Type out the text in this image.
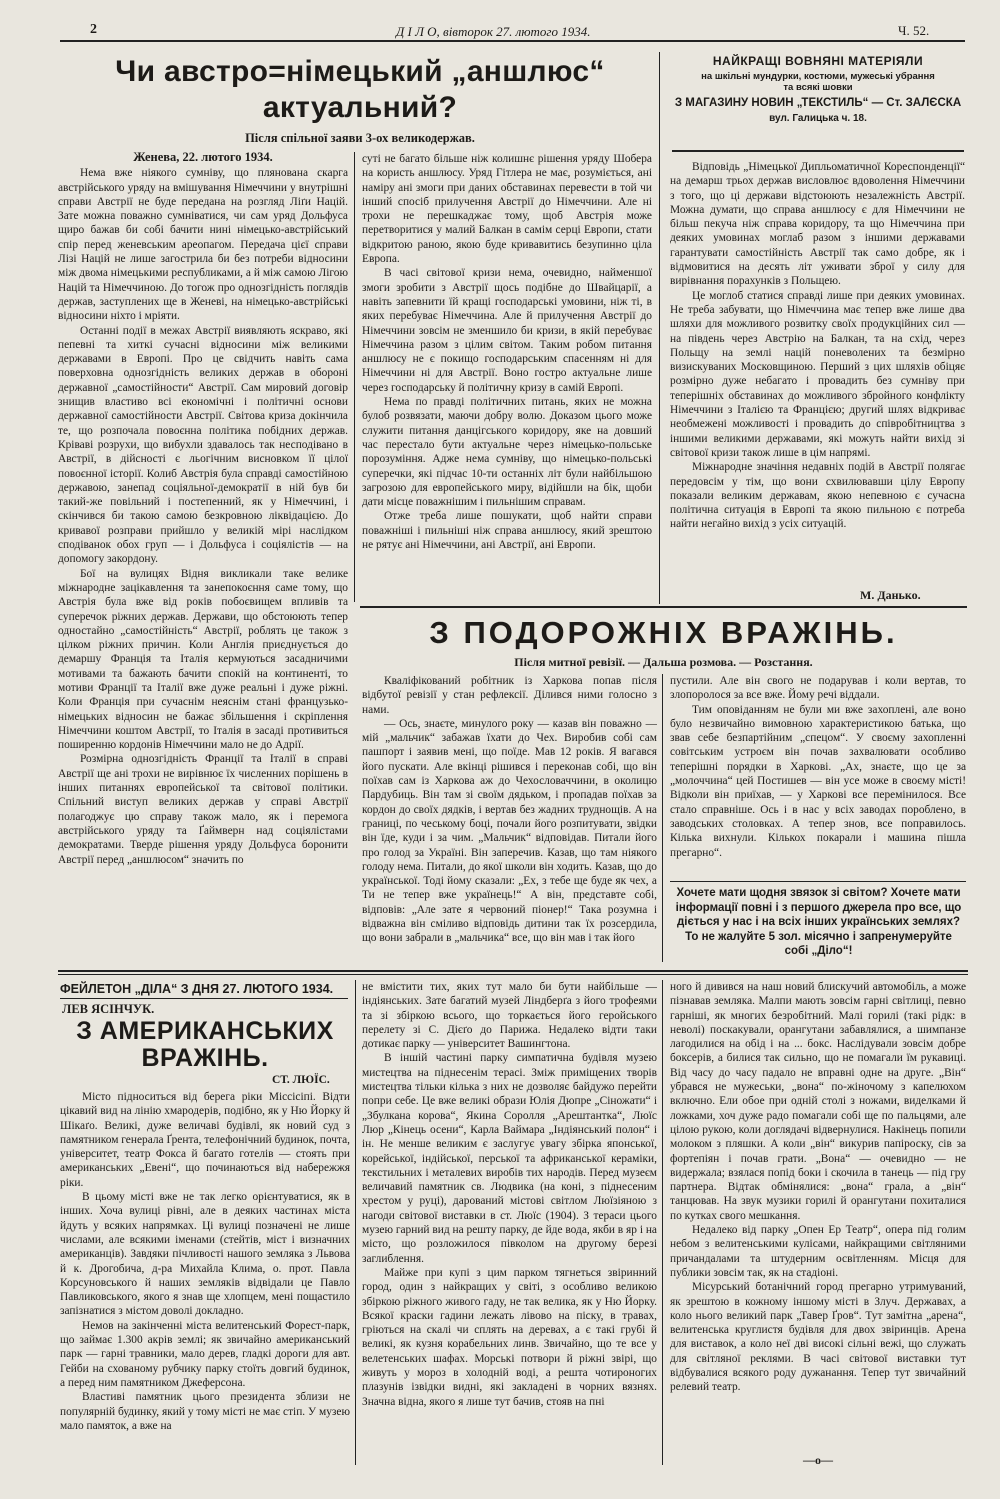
2	Д І Л О, вівторок 27. лютого 1934.	Ч. 52.
Чи австро=німецький „аншлюс“
актуальний?
Після спільної заяви 3-ох великодержав.
Женева, 22. лютого 1934.

Нема вже ніякого сумніву, що плянована скарга австрійського уряду на вмішування Німеччини у внутрішні справи Австрії не буде передана на розгляд Ліґи Націй. Зате можна поважно сумніватися, чи сам уряд Дольфуса щиро бажав би собі бачити нині німецько-австрійський спір перед женевським ареопагом. Передача цієї справи Лізі Націй не лише загострила би без потреби відносини між двома німецькими республиками, а й між самою Лігою Націй та Німеччиною. До тогож про однозгідність поглядів держав, заступлених ще в Женеві, на німецько-австрійські відносини ніхто і мріяти.

Останні події в межах Австрії виявляють яскраво, які пепевні та хиткі сучасні відносини між великими державами в Европі. Про це свідчить навіть сама поверховна однозгідність великих держав в обороні державної „самостійности“ Австрії. Сам мировий договір знищив властиво всі економічні і політичні основи державної самостійности Австрії. Світова криза докінчила те, що розпочала повоєнна політика побідних держав. Кріваві розрухи, що вибухли здавалось так несподівано в Австрії, в дійсності є льогічним висновком її цілої повоєнної історії. Колиб Австрія була справді самостійною державою, занепад соціяльної-демократії в ній був би такий-же повільний і постепенний, як у Німеччині, і скінчився би такою самою безкровною ліквідацією. До кривавої розправи прийшло у великій мірі наслідком сподіванок обох груп — і Дольфуса і соціялістів — на допомогу закордону.

Бої на вулицях Відня викликали таке велике міжнародне зацікавлення та занепокоєння саме тому, що Австрія була вже від років побоєвищем впливів та суперечок ріжних держав. Держави, що обстоюють тепер одностайно „самостійність“ Австрії, роблять це також з цілком ріжних причин. Коли Англія приєднується до демаршу Франція та Італія кермуються засадничими мотивами та бажають бачити спокій на континенті, то мотиви Франції та Італії вже дуже реальні і дуже ріжні. Коли Франція при сучаснім неяснім стані французько-німецьких відносин не бажає збільшення і скріплення Німеччини коштом Австрії, то Італія в засаді противиться поширенню кордонів Німеччини мало не до Адрії.

Розмірна однозгідність Франції та Італії в справі Австрії ще ані трохи не вирівнює їх численних порішень в інших питаннях европейської та світової політики. Спільний виступ великих держав у справі Австрії полагоджує цю справу також мало, як і перемога австрійського уряду та Ґаймверн над соціялістами демократами. Тверде рішення уряду Дольфуса боронити Австрії перед „аншлюсом“ значить по

суті не багато більше ніж колишнє рішення уряду Шобера на користь аншлюсу. Уряд Гітлера не має, розуміється, ані наміру ані змоги при даних обставинах перевести в той чи інший спосіб прилучення Австрії до Німеччини. Але ні трохи не перешкаджає тому, щоб Австрія може перетворитися у малий Балкан в самім серці Европи, стати відкритою раною, якою буде кривавитись безупинно ціла Европа.

В часі світової кризи нема, очевидно, найменшої змоги зробити з Австрії щось подібне до Швайцарії, а навіть запевнити їй кращі господарські умовини, ніж ті, в яких перебуває Німеччина. Але й прилучення Австрії до Німеччини зовсім не зменшило би кризи, в якій перебуває Німеччина разом з цілим світом. Таким робом питання аншлюсу не є покищо господарським спасенням ні для Німеччини ні для Австрії. Воно гостро актуальне лише через господарську й політичну кризу в самій Европі.

Нема по правді політичних питань, яких не можна булоб розвязати, маючи добру волю. Доказом цього може служити питання данцігського коридору, яке на довший час перестало бути актуальне через німецько-польське порозуміння. Адже нема сумніву, що німецько-польські суперечки, які підчас 10-ти останніх літ були найбільшою загрозою для европейського миру, відійшли на бік, щоби дати місце поважнішим і пильнішим справам.

Отже треба лише пошукати, щоб найти справи поважніші і пильніші ніж справа аншлюсу, який зрештою не рятує ані Німеччини, ані Австрії, ані Европи.

НАЙКРАЩІ ВОВНЯНІ МАТЕРІЯЛИ
на шкільні мундурки, костюми, мужеські убрання
та всякі шовки
З МАГАЗИНУ НОВИН „ТЕКСТИЛЬ“ — Ст. ЗАЛЄСКА
вул. Галицька ч. 18.

Відповідь „Німецької Дипльоматичної Кореспонденції“ на демарш трьох держав висловлює вдоволення Німеччини з того, що ці держави відстоюють незалежність Австрії. Можна думати, що справа аншлюсу є для Німеччини не більш пекуча ніж справа коридору, та що Німеччина при деяких умовинах моглаб разом з іншими державами гарантувати самостійність Австрії так само добре, як і відмовитися на десять літ уживати зброї у силу для вирівнання порахунків з Польщею.

Це моглоб статися справді лише при деяких умовинах. Не треба забувати, що Німеччина має тепер вже лише два шляхи для можливого розвитку своїх продукційних сил — на південь через Австрію на Балкан, та на схід, через Польщу на землі націй поневолених та безмірно визискуваних Московщиною. Перший з цих шляхів обіцяє розмірно дуже небагато і провадить без сумніву при теперішніх обставинах до можливого збройного конфлікту Німеччини з Італією та Францією; другий шлях відкриває необмежені можливості і провадить до співробітництва з іншими великими державами, які можуть найти вихід зі світової кризи також лише в цім напрямі.

Міжнародне значіння недавніх подій в Австрії полягає передовсім у тім, що вони схвилювавши цілу Европу показали великим державам, якою непевною є сучасна політична ситуація в Европі та якою пильною є потреба найти негайно вихід з усіх ситуацій.

М. Данько.
З ПОДОРОЖНІХ ВРАЖІНЬ.
Після митної ревізії. — Дальша розмова. — Розстання.

Кваліфікований робітник із Харкова попав після відбутої ревізії у стан рефлексії. Ділився ними голосно з нами.

— Ось, знаєте, минулого року — казав він поважно — мій „мальчик“ забажав їхати до Чех. Виробив собі сам пашпорт і заявив мені, що поїде. Мав 12 років. Я вагався його пускати. Але вкінці рішився і переконав собі, що він поїхав сам із Харкова аж до Чехословаччини, в околицю Пардубиць. Він там зі своїм дядьком, і пропадав поїхав за кордон до своїх дядків, і вертав без жадних труднощів. А на границі, по чеському боці, почали його розпитувати, звідки він їде, куди і за чим. „Мальчик“ відповідав. Питали його про голод за Україні. Він заперечив. Казав, що там ніякого голоду нема. Питали, до якої школи він ходить. Казав, що до української. Тоді йому сказали: „Ех, з тебе ще буде як чех, а Ти не тепер вже українець!“ А він, представте собі, відповів: „Але зате я червоний піонер!“ Така розумна і відважна він сміливо відповідь дитини так їх розсердила, що вони забрали в „мальчика“ все, що він мав і так його

пустили. Але він свого не подарував і коли вертав, то злопоролося за все вже. Йому речі віддали.

Тим оповіданням не були ми вже захоплені, але воно було незвичайно вимовною характеристикою батька, що звав себе безпартійним „спецом“. У своєму захопленні совітським устроєм він почав захвалювати особливо теперішні порядки в Харкові. „Ах, знаєте, що це за „молоччина“ цей Постишев — він усе може в своєму місті! Відколи він приїхав, — у Харкові все перемінилося. Все стало справніше. Ось і в нас у всіх заводах пороблено, в заводських столовках. А тепер знов, все поправилось. Кілька вихнули. Кількох покарали і машина пішла прегарно“.

Хочете мати щодня звязок зі світом? Хочете мати інформації повні і з першого джерела про все, що діється у нас і на всіх інших українських землях? То не жалуйте 5 зол. місячно і запренумеруйте собі „Діло“!
ФЕЙЛЕТОН „ДІЛА“ З ДНЯ 27. ЛЮТОГО 1934.
ЛЕВ ЯСІНЧУК.
З АМЕРИКАНСЬКИХ
ВРАЖІНЬ.
СТ. ЛЮЇС.

Місто підноситься від берега ріки Міссісіпі. Відти цікавий вид на лінію хмародерів, подібно, як у Ню Йорку й Шікаґо. Великі, дуже величаві будівлі, як новий суд з памятником генерала Ґрента, телефонічний будинок, почта, університет, театр Фокса й багато готелів — стоять при американських „Евені“, що починаються від набережжя ріки.

В цьому місті вже не так легко орієнтуватися, як в інших. Хоча вулиці рівні, але в деяких частинах міста йдуть у всяких напрямках. Ці вулиці позначені не лише числами, але всякими іменами (стейтів, міст і визначних американців). Завдяки пічливості нашого земляка з Львова й к. Дрогобича, д-ра Михайла Клима, о. прот. Павла Корсуновського й наших земляків відвідали це Павло Павликовського, якого я знав ще хлопцем, мені пощастило запізнатися з містом доволі докладно.

Немов на закінченні міста велитенський Форест-парк, що займає 1.300 акрів землі; як звичайно американський парк — гарні травники, мало дерев, гладкі дороги для авт. Гейби на схованому рубчику парку стоїть довгий будинок, а перед ним памятником Джеферсона.

Властиві памятник цього президента зблизи не популярній будинку, який у тому місті не має стіп. У музею мало памяток, а вже на

не вмістити тих, яких тут мало би бути найбільше — індіянських. Зате багатий музей Ліндберґа з його трофеями та зі збіркою всього, що торкається його геройського перелету зі С. Дієґо до Парижа. Недалеко відти таки дотикає парку — університет Вашингтона.

В іншій частині парку симпатична будівля музею мистецтва на піднесенім терасі. Зміж приміщених творів мистецтва тільки кілька з них не дозволяє байдужо перейти попри себе. Це вже великі образи Юлія Дюпре „Сіножати“ і „Збулкана корова“, Якина Соролля „Арештантка“, Люїс Люр „Кінець осени“, Карла Ваймара „Індіянський полон“ і ін. Не менше великим є заслугує увагу збірка японської, корейської, індійської, перської та африканської кераміки, текстильних і металевих виробів тих народів. Перед музеєм величавий памятник св. Людвика (на коні, з піднесеним хрестом у руці), дарований містові світлом Люїзіяною з нагоди світової виставки в ст. Люїс (1904). З тераси цього музею гарний вид на решту парку, де йде вода, якби в яр і на місто, що розложилося півколом на другому березі заглиблення.

Майже при купі з цим парком тягнеться звіринний город, один з найкращих у світі, з особливо великою збіркою ріжного живого гаду, не так велика, як у Ню Йорку. Всякої краски гадини лежать лівово на піску, в травах, гріються на скалі чи сплять на деревах, а є такі грубі й великі, як кузня корабельних линв. Звичайно, що те все у велетенських шафах. Морські потвори й ріжні звірі, що живуть у мороз в холодній воді, а решта чотироногих плазунів ізвідки видні, які закладені в чорних вязнях. Значна відна, якого я лише тут бачив, стояв на пні

ного й дивився на наш новий блискучий автомобіль, а може пізнавав земляка. Малпи мають зовсім гарні світлиці, певно гарніші, як многих безробітний. Малі горилі (такі рідк: в неволі) поскакували, орангутани забавлялися, а шимпанзе лагодилися на обід і на ... бокс. Наслідували зовсім добре боксерів, а билися так сильно, що не помагали їм рукавиці. Від часу до часу падало не вправні одне на друге. „Він“ убрався не мужеськи, „вона“ по-жіночому з капелюхом включно. Ели обое при одній столі з ножами, виделками й ложками, хоч дуже радо помагали собі ще по пальцями, але цілою рукою, коли доглядачі відвернулися. Накінець попили молоком з пляшки. А коли „він“ викурив папіроску, сів за фортепіян і почав грати. „Вона“ — очевидно — не видержала; взялася попід боки і скочила в танець — під гру партнера. Відтак обмінялися: „вона“ грала, а „він“ танцював. На звук музики горилі й орангутани похиталися по кутках свого мешкання.

Недалеко від парку „Опен Ер Театр“, опера під голим небом з велитенськими кулісами, найкращими світляними причандалами та штудерним освітленням. Місця для публики зовсім так, як на стадіоні.

Місурський ботанічний город прегарно утримуваний, як зрештою в кожному іншому місті в Злуч. Державах, а коло нього великий парк „Тавер Ґров“. Тут замітна „арена“, велитенська круглистя будівля для двох звіринців. Арена для виставок, а коло неї дві високі сільні вежі, що служать для світляної реклями. В часі світової виставки тут відбувалися всякого роду дужанання. Тепер тут звичайний релевий театр.

—о—
